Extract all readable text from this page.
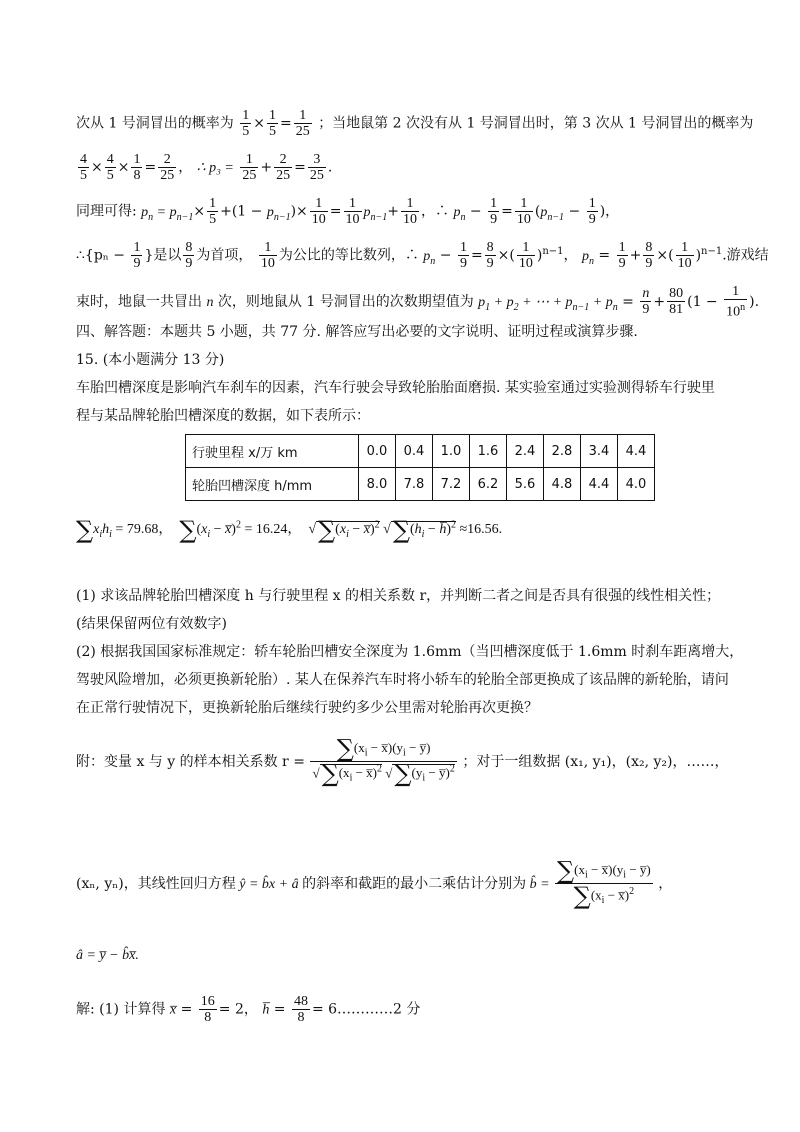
次从 1 号洞冒出的概率为 $\frac{1}{5} \times \frac{1}{5} = \frac{1}{25}$ ；当地鼠第 2 次没有从 1 号洞冒出时，第 3 次从 1 号洞冒出的概率为
$\frac{4}{5} \times \frac{4}{5} \times \frac{1}{8} = \frac{2}{25}$ ， ∴ $p_3 = \frac{1}{25} + \frac{2}{25} = \frac{3}{25}$ .
同理可得: $p_n = p_{n-1}\times \frac{1}{5} +(1 - p_{n-1})\times \frac{1}{10} = \frac{1}{10} p_{n-1}+ \frac{1}{10}$ ，∴ $p_n - \frac{1}{9} = \frac{1}{10} (p_{n-1} - \frac{1}{9}$ )，
∴{pₙ − $\frac{1}{9}$ }是以 $\frac{8}{9}$ 为首项， $\frac{1}{10}$ 为公比的等比数列，∴ $p_n - \frac{1}{9} = \frac{8}{9}$ ×( $\frac{1}{10} )^{n-1}$， $p_n = \frac{1}{9} + \frac{8}{9}$ ×( $\frac{1}{10} )^{n-1}$.游戏结
束时，地鼠一共冒出 n 次，则地鼠从 1 号洞冒出的次数期望值为 $p_1 + p_2$ + ⋯ + $p_{n-1} + p_n = \frac{n}{9} + \frac{80}{81} (1 - \frac{1}{10^n}$ ).
四、解答题：本题共 5 小题，共 77 分. 解答应写出必要的文字说明、证明过程或演算步骤.
15. (本小题满分 13 分)
车胎凹槽深度是影响汽车刹车的因素，汽车行驶会导致轮胎胎面磨损. 某实验室通过实验测得轿车行驶里
程与某品牌轮胎凹槽深度的数据，如下表所示：
行驶里程 x/万 km	0.0	0.4	1.0	1.6	2.4	2.8	3.4	4.4
轮胎凹槽深度 h/mm	8.0	7.8	7.2	6.2	5.6	4.8	4.4	4.0
$\sum x_ih_i = 79.68$， $\sum(x_i$ − x̅)$^2$ = 16.24，  $√\sum(x_i$ − x̅)$^2$ $√\sum(h_i$ − h̅)$^2$ ≈16.56.
(1) 求该品牌轮胎凹槽深度 h 与行驶里程 x 的相关系数 r，并判断二者之间是否具有很强的线性相关性；
(结果保留两位有效数字)
(2) 根据我国国家标准规定：轿车轮胎凹槽安全深度为 1.6mm（当凹槽深度低于 1.6mm 时刹车距离增大，
驾驶风险增加，必须更换新轮胎）. 某人在保养汽车时将小轿车的轮胎全部更换成了该品牌的新轮胎，请问
在正常行驶情况下，更换新轮胎后继续行驶约多少公里需对轮胎再次更换？
附：变量 x 与 y 的样本相关系数 $r = \frac{\sum(x_i - x̅)(y_i - y̅)}{√\sum(x_i - x̅)^2 √\sum(y_i - y̅)^2}$ ；对于一组数据 (x₁, y₁)，(x₂, y₂)，……，
(xₙ, yₙ)，其线性回归方程 ŷ = b̂x + â 的斜率和截距的最小二乘估计分别为 b̂ = $\frac{\sum(x_i - x̅)(y_i - y̅)}{\sum(x_i - x̅)^2}$ ，
â = y̅ − b̂x̅.
解: (1) 计算得 x̅ = $\frac{16}{8} = 2$， h̅ = $\frac{48}{8}$ = 6…………2 分
